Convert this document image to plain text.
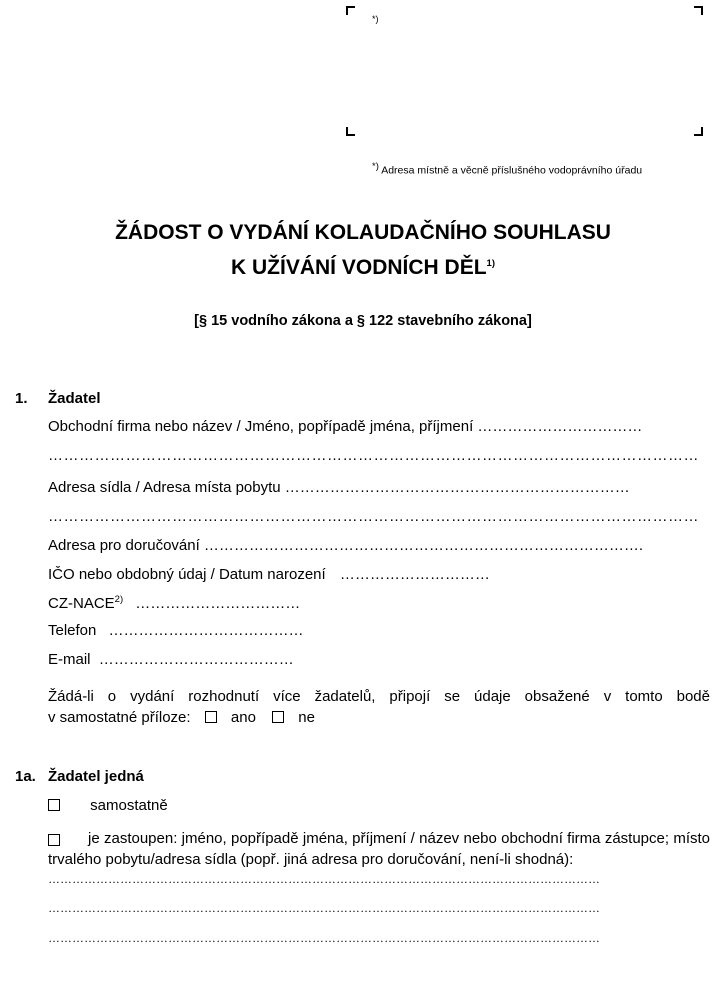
*)
*) Adresa místně a věcně příslušného vodoprávního úřadu
ŽÁDOST O VYDÁNÍ KOLAUDAČNÍHO SOUHLASU
K UŽÍVÁNÍ VODNÍCH DĚL$^{1)}$
[§ 15 vodního zákona a § 122 stavebního zákona]
1. Žadatel
Obchodní firma nebo název / Jméno, popřípadě jména, příjmení ……………………………
………………………………………………………………………………………………………………
Adresa sídla / Adresa místa pobytu ……………………………………………………………
………………………………………………………………………………………………………………
Adresa pro doručování …………………………………………………………………………….
IČO nebo obdobný údaj / Datum narození …………………………
CZ-NACE$^{2)}$ ……………………………
Telefon …………………………………
E-mail …………………………………
Žádá-li o vydání rozhodnutí více žadatelů, připojí se údaje obsažené v tomto bodě
v samostatné příloze:	ano	ne
1a. Žadatel jedná
samostatně
je zastoupen: jméno, popřípadě jména, příjmení / název nebo obchodní firma zástupce; místo trvalého pobytu/adresa sídla (popř. jiná adresa pro doručování, není-li shodná):
…………………………………………………………………………………………………………………………
…………………………………………………………………………………………………………………………
…………………………………………………………………………………………………………………………
